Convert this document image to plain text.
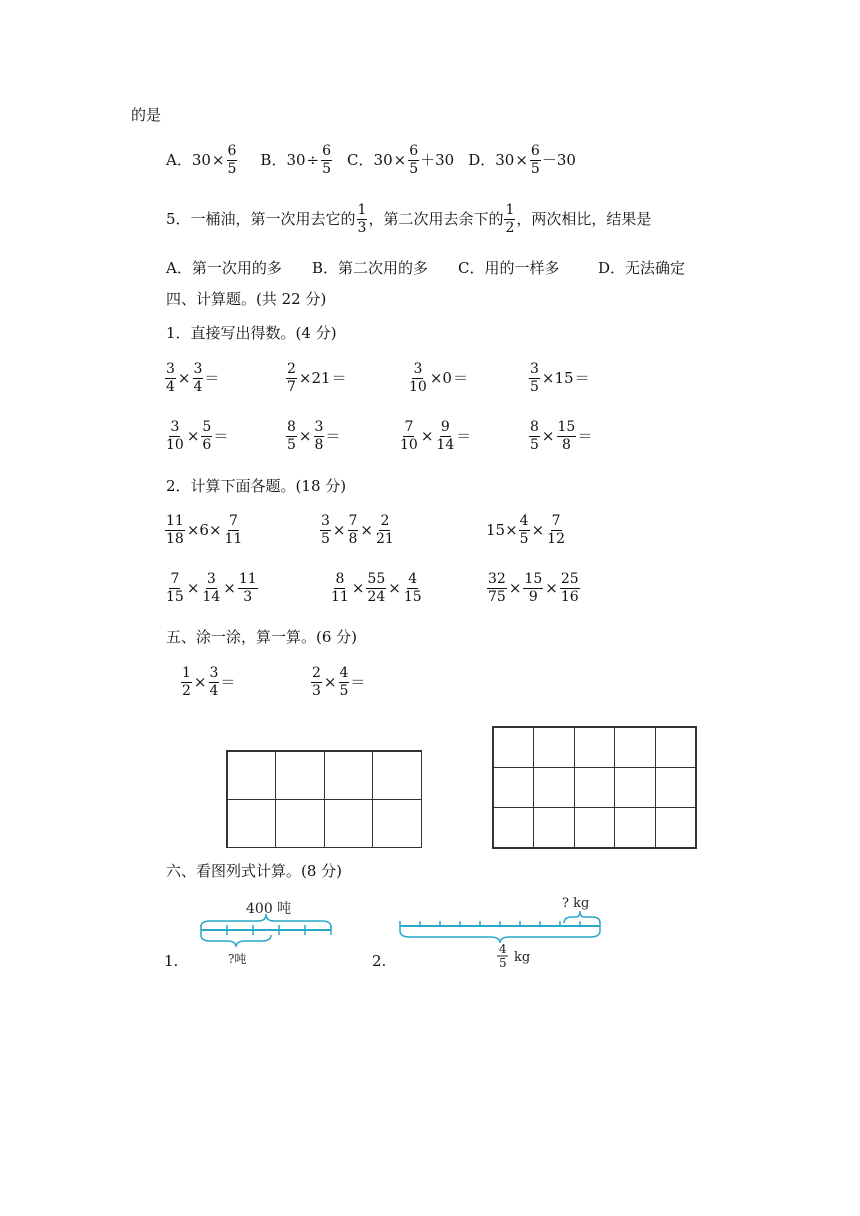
的是
A．$30 \times \frac{6}{5}$ B．$30 \div \frac{6}{5}$ C．$30 \times \frac{6}{5} +30$ D．$30 \times \frac{6}{5} -30$
5．一桶油，第一次用去它的 $\frac{1}{3}$ ，第二次用去余下的 $\frac{1}{2}$ ，两次相比，结果是
A．第一次用的多 B．第二次用的多 C．用的一样多	D．无法确定
四、计算题。(共 22 分)
1．直接写出得数。(4 分)
$\frac{3}{4} \times \frac{3}{4}$ ＝	$\frac{2}{7} \times 21$ ＝	$\frac{3}{10} \times 0$ ＝	$\frac{3}{5} \times 15$ ＝
$\frac{3}{10} \times \frac{5}{6}$ ＝	$\frac{8}{5} \times \frac{3}{8}$ ＝	$\frac{7}{10} \times \frac{9}{14}$ ＝	$\frac{8}{5} \times \frac{15}{8}$ ＝
2．计算下面各题。(18 分)
$\frac{11}{18} \times 6\times \frac{7}{11}$	$\frac{3}{5} \times \frac{7}{8} \times \frac{2}{21}$	$15\times \frac{4}{5} \times \frac{7}{12}$
$\frac{7}{15} \times \frac{3}{14} \times \frac{11}{3}$	$\frac{8}{11} \times \frac{55}{24} \times \frac{4}{15}$	$\frac{32}{75} \times \frac{15}{9} \times \frac{25}{16}$
五、涂一涂，算一算。(6 分)
$\frac{1}{2} \times \frac{3}{4}$ ＝	$\frac{2}{3} \times \frac{4}{5}$ ＝
六、看图列式计算。(8 分)
1.	2.
400 吨
?吨
? kg
4
5 kg
